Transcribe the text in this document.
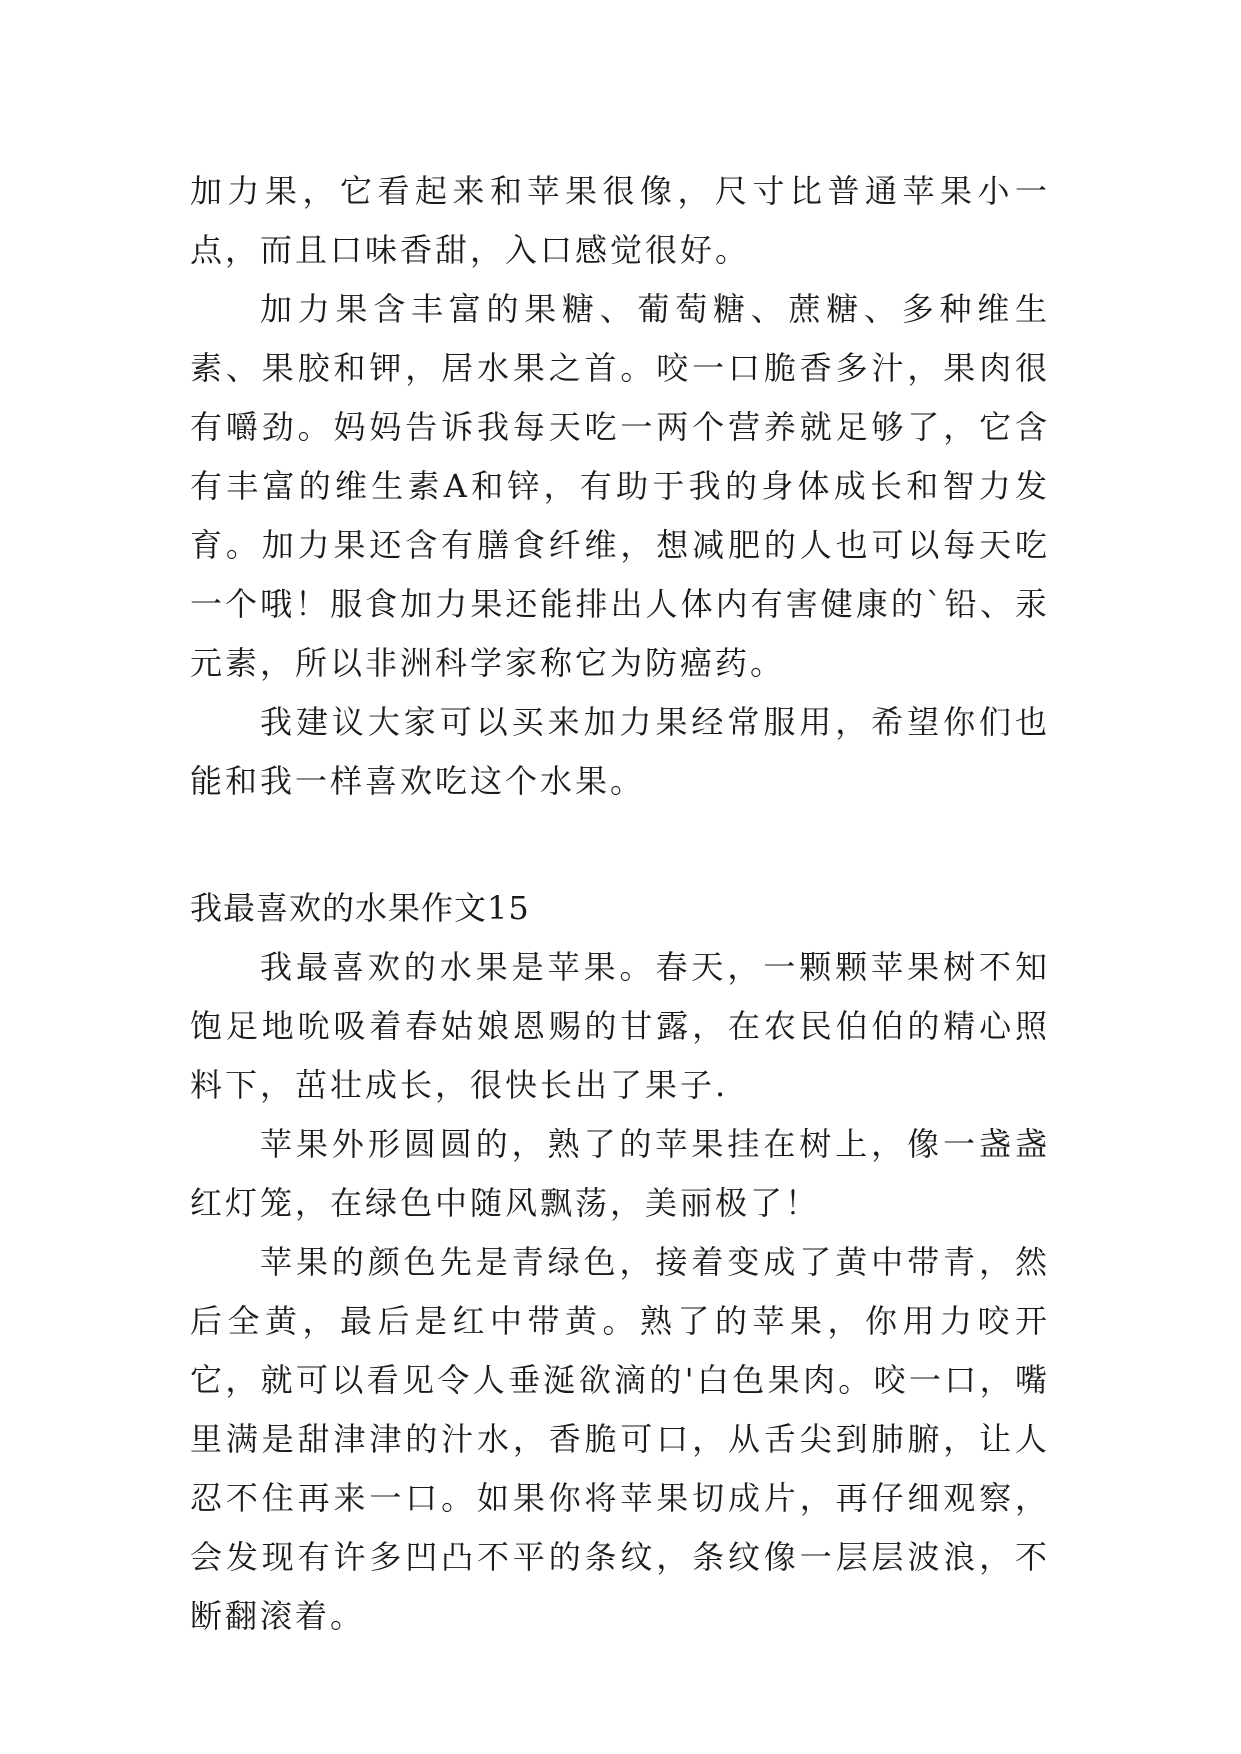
加力果，它看起来和苹果很像，尺寸比普通苹果小一点，而且口味香甜，入口感觉很好。

加力果含丰富的果糖、葡萄糖、蔗糖、多种维生素、果胶和钾，居水果之首。咬一口脆香多汁，果肉很有嚼劲。妈妈告诉我每天吃一两个营养就足够了，它含有丰富的维生素A和锌，有助于我的身体成长和智力发育。加力果还含有膳食纤维，想减肥的人也可以每天吃一个哦！服食加力果还能排出人体内有害健康的`铅、汞元素，所以非洲科学家称它为防癌药。

我建议大家可以买来加力果经常服用，希望你们也能和我一样喜欢吃这个水果。

我最喜欢的水果作文15

我最喜欢的水果是苹果。春天，一颗颗苹果树不知饱足地吮吸着春姑娘恩赐的甘露，在农民伯伯的精心照料下，茁壮成长，很快长出了果子.

苹果外形圆圆的，熟了的苹果挂在树上，像一盏盏红灯笼，在绿色中随风飘荡，美丽极了！

苹果的颜色先是青绿色，接着变成了黄中带青，然后全黄，最后是红中带黄。熟了的苹果，你用力咬开它，就可以看见令人垂涎欲滴的'白色果肉。咬一口，嘴里满是甜津津的汁水，香脆可口，从舌尖到肺腑，让人忍不住再来一口。如果你将苹果切成片，再仔细观察，会发现有许多凹凸不平的条纹，条纹像一层层波浪，不断翻滚着。
